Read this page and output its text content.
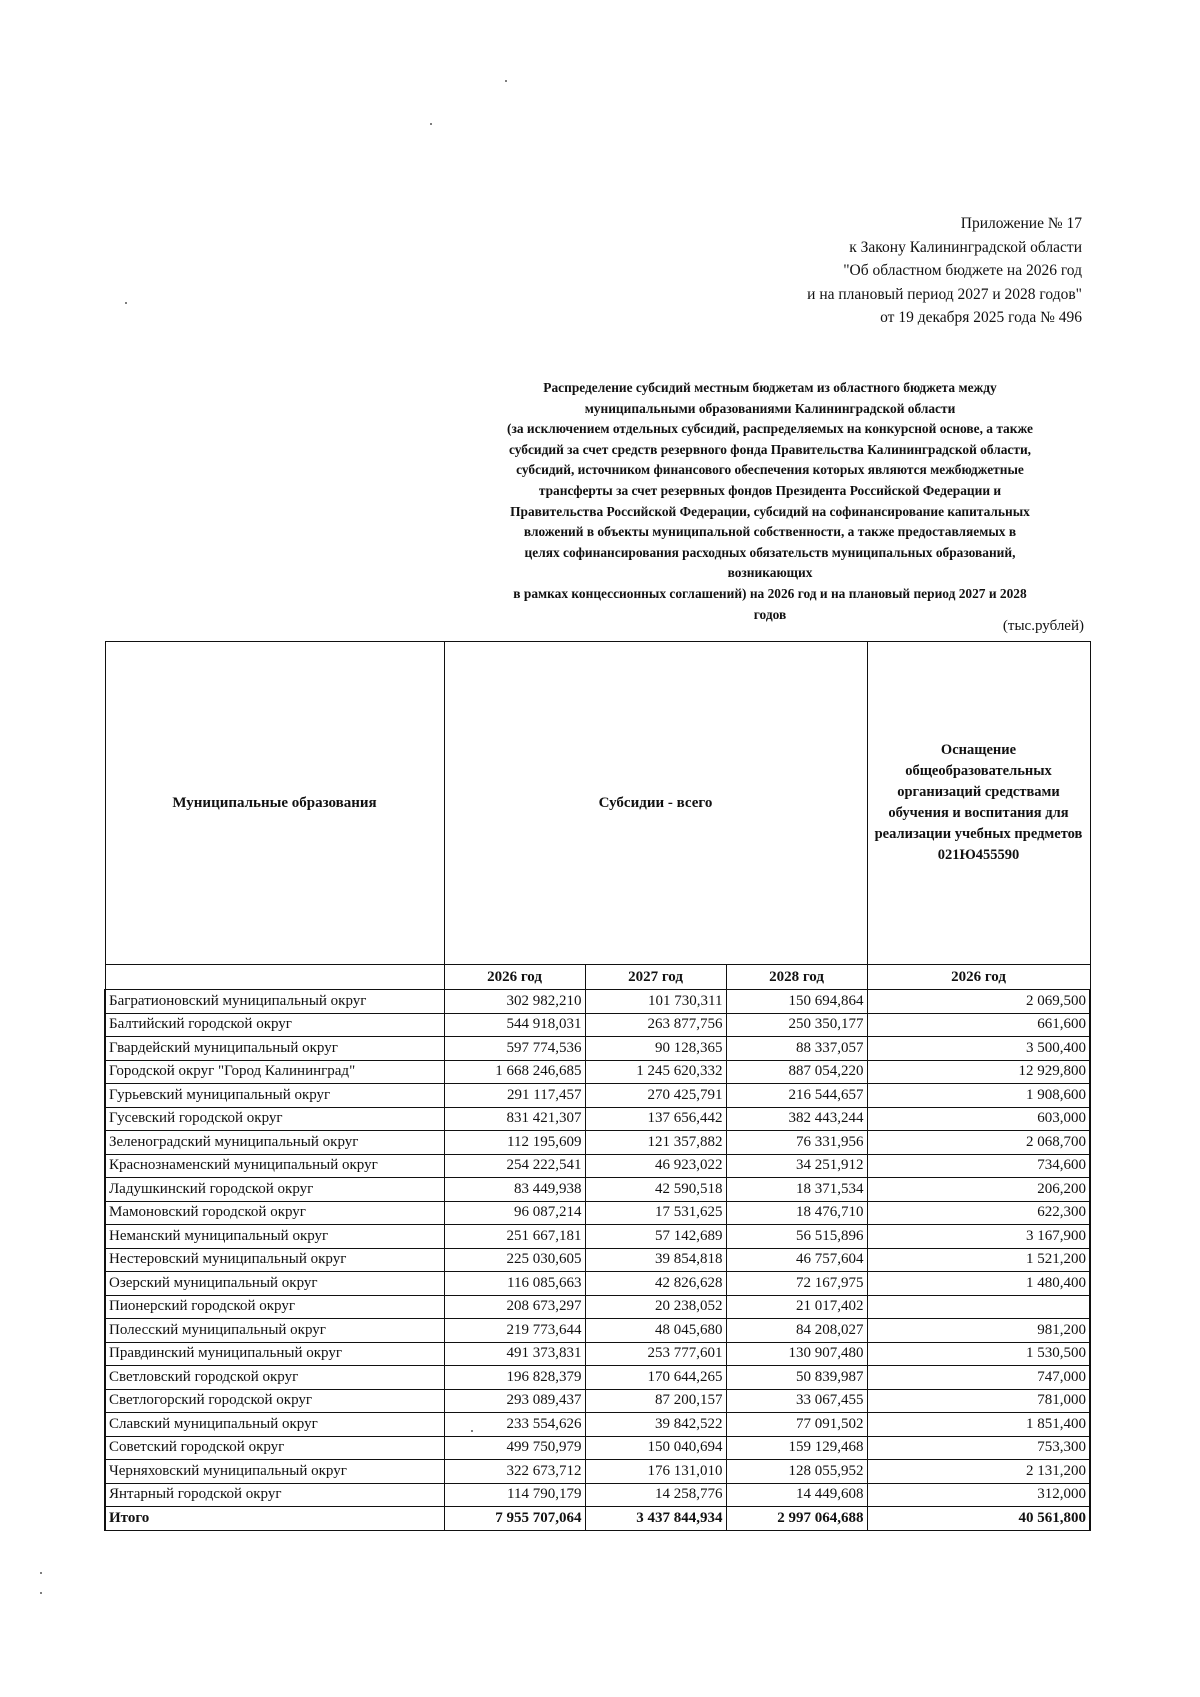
Приложение № 17
к Закону Калининградской области
"Об областном бюджете на 2026 год
и на плановый период 2027 и 2028 годов"
от 19 декабря 2025 года № 496
Распределение субсидий местным бюджетам из областного бюджета между
муниципальными образованиями Калининградской области
(за исключением отдельных субсидий, распределяемых на конкурсной основе, а также
субсидий за счет средств резервного фонда Правительства Калининградской области,
субсидий, источником финансового обеспечения которых являются межбюджетные
трансферты за счет резервных фондов Президента Российской Федерации и
Правительства Российской Федерации, субсидий на софинансирование капитальных
вложений в объекты муниципальной собственности, а также предоставляемых в
целях софинансирования расходных обязательств муниципальных образований,
возникающих
в рамках концессионных соглашений) на 2026 год и на плановый период 2027 и 2028
годов
(тыс.рублей)
Муниципальные образования	Субсидии - всего			Оснащение общеобразовательных организаций средствами обучения и воспитания для реализации учебных предметов 021Ю455590
	2026 год	2027 год	2028 год	2026 год
Багратионовский муниципальный округ	302 982,210	101 730,311	150 694,864	2 069,500
Балтийский городской округ	544 918,031	263 877,756	250 350,177	661,600
Гвардейский муниципальный округ	597 774,536	90 128,365	88 337,057	3 500,400
Городской округ "Город Калининград"	1 668 246,685	1 245 620,332	887 054,220	12 929,800
Гурьевский муниципальный округ	291 117,457	270 425,791	216 544,657	1 908,600
Гусевский городской округ	831 421,307	137 656,442	382 443,244	603,000
Зеленоградский муниципальный округ	112 195,609	121 357,882	76 331,956	2 068,700
Краснознаменский муниципальный округ	254 222,541	46 923,022	34 251,912	734,600
Ладушкинский городской округ	83 449,938	42 590,518	18 371,534	206,200
Мамоновский городской округ	96 087,214	17 531,625	18 476,710	622,300
Неманский муниципальный округ	251 667,181	57 142,689	56 515,896	3 167,900
Нестеровский муниципальный округ	225 030,605	39 854,818	46 757,604	1 521,200
Озерский муниципальный округ	116 085,663	42 826,628	72 167,975	1 480,400
Пионерский городской округ	208 673,297	20 238,052	21 017,402	
Полесский муниципальный округ	219 773,644	48 045,680	84 208,027	981,200
Правдинский муниципальный округ	491 373,831	253 777,601	130 907,480	1 530,500
Светловский городской округ	196 828,379	170 644,265	50 839,987	747,000
Светлогорский городской округ	293 089,437	87 200,157	33 067,455	781,000
Славский муниципальный округ	233 554,626	39 842,522	77 091,502	1 851,400
Советский городской округ	499 750,979	150 040,694	159 129,468	753,300
Черняховский муниципальный округ	322 673,712	176 131,010	128 055,952	2 131,200
Янтарный городской округ	114 790,179	14 258,776	14 449,608	312,000
Итого	7 955 707,064	3 437 844,934	2 997 064,688	40 561,800
